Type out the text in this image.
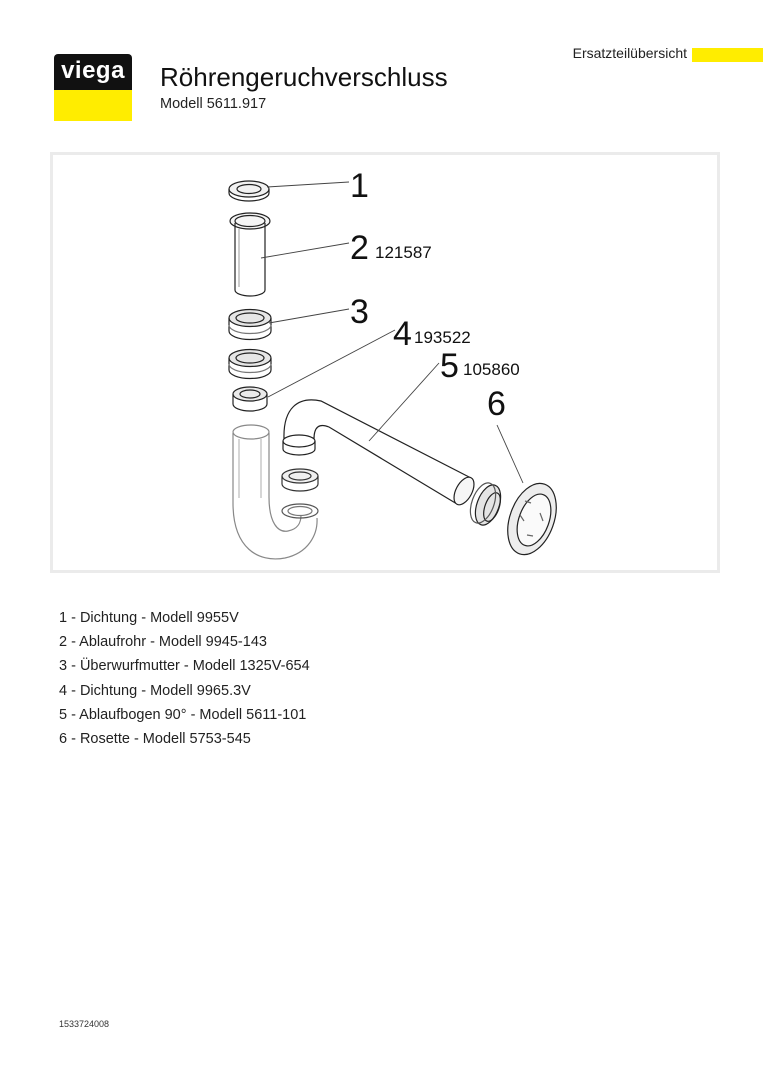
viega
Ersatzteilübersicht
Röhrengeruchverschluss
Modell 5611.917
1
2 121587
3
4 193522
5 105860
6
1 - Dichtung - Modell 9955V
2 - Ablaufrohr - Modell 9945-143
3 - Überwurfmutter - Modell 1325V-654
4 - Dichtung - Modell 9965.3V
5 - Ablaufbogen 90° - Modell 5611-101
6 - Rosette - Modell 5753-545
1533724008
